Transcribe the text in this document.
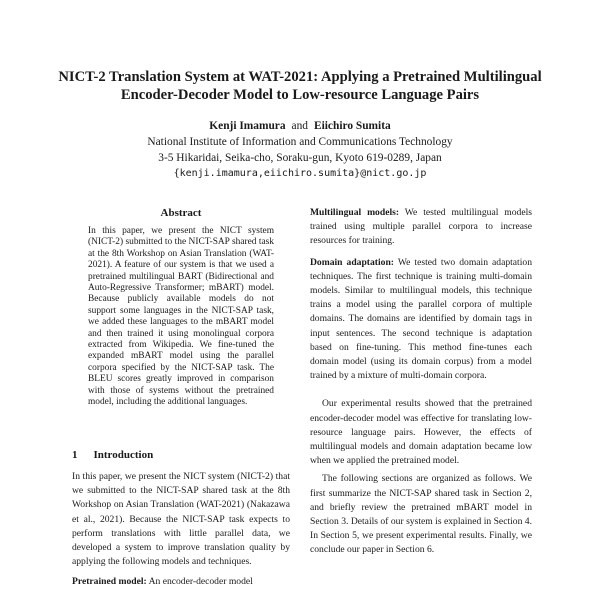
NICT-2 Translation System at WAT-2021: Applying a Pretrained Multilingual Encoder-Decoder Model to Low-resource Language Pairs
Kenji Imamura and Eiichiro Sumita
National Institute of Information and Communications Technology
3-5 Hikaridai, Seika-cho, Soraku-gun, Kyoto 619-0289, Japan
{kenji.imamura,eiichiro.sumita}@nict.go.jp
Abstract
In this paper, we present the NICT system (NICT-2) submitted to the NICT-SAP shared task at the 8th Workshop on Asian Translation (WAT-2021). A feature of our system is that we used a pretrained multilingual BART (Bidirectional and Auto-Regressive Transformer; mBART) model. Because publicly available models do not support some languages in the NICT-SAP task, we added these languages to the mBART model and then trained it using monolingual corpora extracted from Wikipedia. We fine-tuned the expanded mBART model using the parallel corpora specified by the NICT-SAP task. The BLEU scores greatly improved in comparison with those of systems without the pretrained model, including the additional languages.
1 Introduction

In this paper, we present the NICT system (NICT-2) that we submitted to the NICT-SAP shared task at the 8th Workshop on Asian Translation (WAT-2021) (Nakazawa et al., 2021). Because the NICT-SAP task expects to perform translations with little parallel data, we developed a system to improve translation quality by applying the following models and techniques.

Pretrained model: An encoder-decoder model

Multilingual models: We tested multilingual models trained using multiple parallel corpora to increase resources for training.

Domain adaptation: We tested two domain adaptation techniques. The first technique is training multi-domain models. Similar to multilingual models, this technique trains a model using the parallel corpora of multiple domains. The domains are identified by domain tags in input sentences. The second technique is adaptation based on fine-tuning. This method fine-tunes each domain model (using its domain corpus) from a model trained by a mixture of multi-domain corpora.

Our experimental results showed that the pretrained encoder-decoder model was effective for translating low-resource language pairs. However, the effects of multilingual models and domain adaptation became low when we applied the pretrained model.

The following sections are organized as follows. We first summarize the NICT-SAP shared task in Section 2, and briefly review the pretrained mBART model in Section 3. Details of our system is explained in Section 4. In Section 5, we present experimental results. Finally, we conclude our paper in Section 6.
